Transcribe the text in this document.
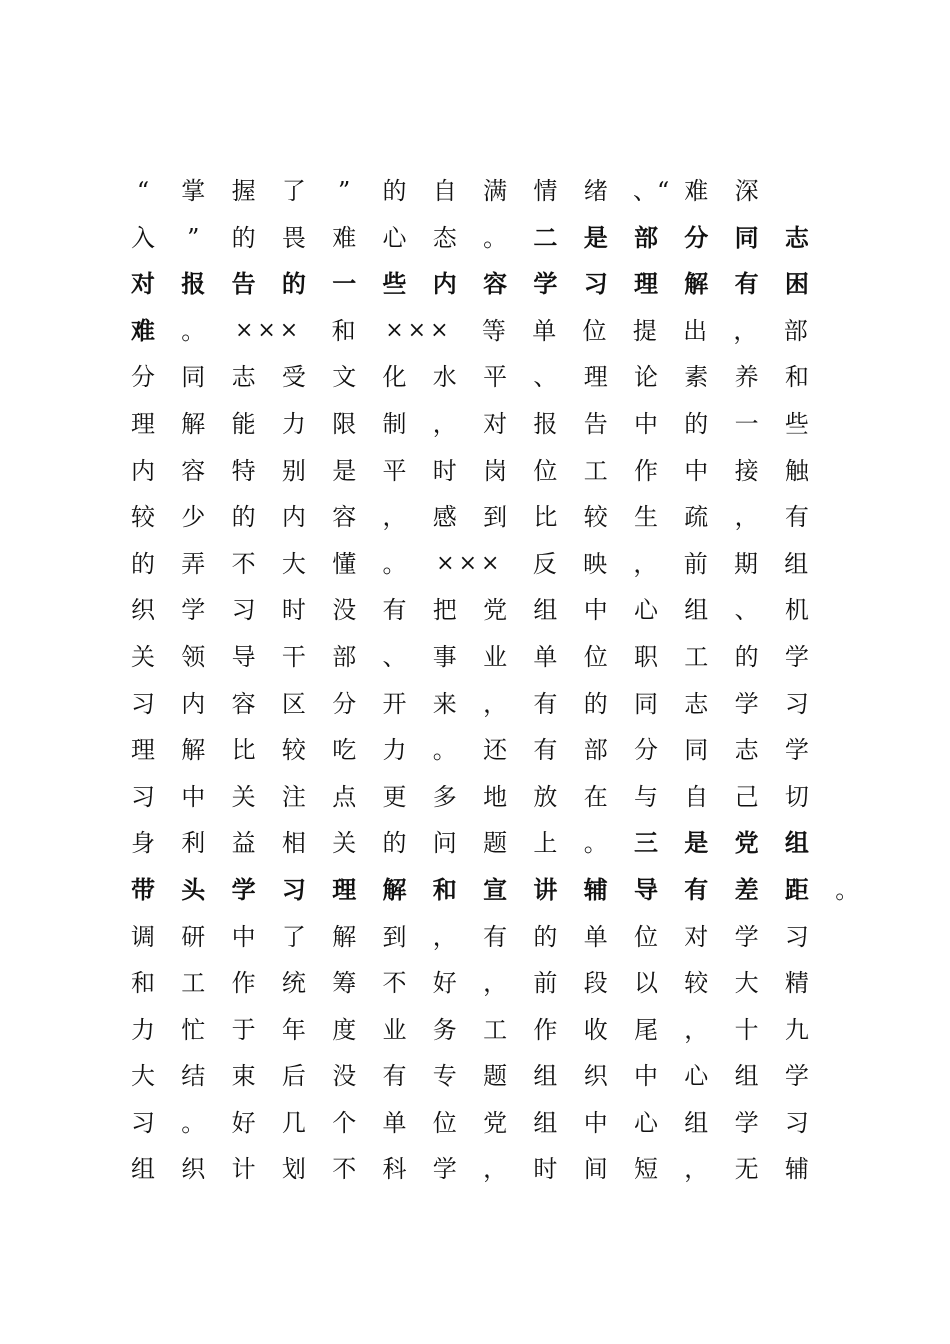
“ 掌 握 了 ” 的 自 满 情 绪 、“ 难 深
入 ” 的 畏 难 心 态 。 二 是 部 分 同 志
对 报 告 的 一 些 内 容 学 习 理 解 有 困
难 。 ××× 和 ××× 等 单 位 提 出 ， 部
分 同 志 受 文 化 水 平 、 理 论 素 养 和
理 解 能 力 限 制 ， 对 报 告 中 的 一 些
内 容 特 别 是 平 时 岗 位 工 作 中 接 触
较 少 的 内 容 ， 感 到 比 较 生 疏 ， 有
的 弄 不 大 懂 。 ××× 反 映 ， 前 期 组
织 学 习 时 没 有 把 党 组 中 心 组 、 机
关 领 导 干 部 、 事 业 单 位 职 工 的 学
习 内 容 区 分 开 来 ， 有 的 同 志 学 习
理 解 比 较 吃 力 。 还 有 部 分 同 志 学
习 中 关 注 点 更 多 地 放 在 与 自 己 切
身 利 益 相 关 的 问 题 上 。 三 是 党 组
带 头 学 习 理 解 和 宣 讲 辅 导 有 差 距 。
调 研 中 了 解 到 ， 有 的 单 位 对 学 习
和 工 作 统 筹 不 好 ， 前 段 以 较 大 精
力 忙 于 年 度 业 务 工 作 收 尾 ， 十 九
大 结 束 后 没 有 专 题 组 织 中 心 组 学
习 。 好 几 个 单 位 党 组 中 心 组 学 习
组 织 计 划 不 科 学 ， 时 间 短 ， 无 辅
